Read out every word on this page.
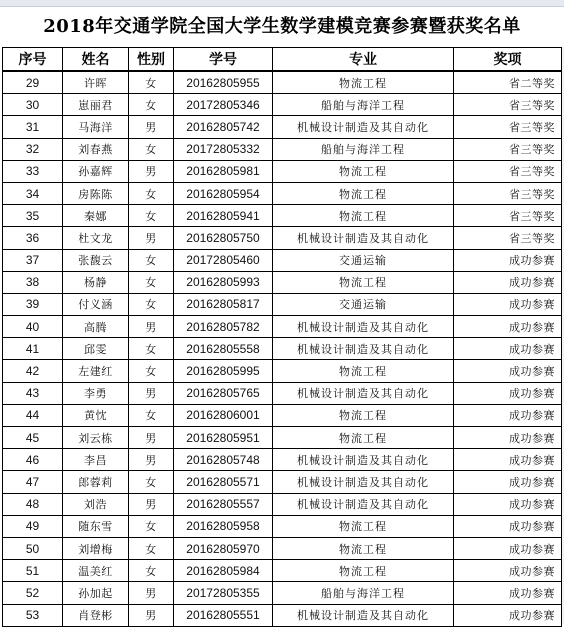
2018年交通学院全国大学生数学建模竞赛参赛暨获奖名单
序号	姓名	性别	学号	专业	奖项
29	许晖	女	20162805955	物流工程	省二等奖
30	崽丽君	女	20172805346	船舶与海洋工程	省三等奖
31	马海洋	男	20162805742	机械设计制造及其自动化	省三等奖
32	刘春燕	女	20172805332	船舶与海洋工程	省三等奖
33	孙嘉辉	男	20162805981	物流工程	省三等奖
34	房陈陈	女	20162805954	物流工程	省三等奖
35	秦娜	女	20162805941	物流工程	省三等奖
36	杜文龙	男	20162805750	机械设计制造及其自动化	省三等奖
37	张馥云	女	20172805460	交通运输	成功参赛
38	杨静	女	20162805993	物流工程	成功参赛
39	付义涵	女	20162805817	交通运输	成功参赛
40	高腾	男	20162805782	机械设计制造及其自动化	成功参赛
41	邱雯	女	20162805558	机械设计制造及其自动化	成功参赛
42	左建红	女	20162805995	物流工程	成功参赛
43	李勇	男	20162805765	机械设计制造及其自动化	成功参赛
44	黄忱	女	20162806001	物流工程	成功参赛
45	刘云栋	男	20162805951	物流工程	成功参赛
46	李昌	男	20162805748	机械设计制造及其自动化	成功参赛
47	郎蓉莉	女	20162805571	机械设计制造及其自动化	成功参赛
48	刘浩	男	20162805557	机械设计制造及其自动化	成功参赛
49	随东雪	女	20162805958	物流工程	成功参赛
50	刘增梅	女	20162805970	物流工程	成功参赛
51	温美红	女	20162805984	物流工程	成功参赛
52	孙加起	男	20172805355	船舶与海洋工程	成功参赛
53	肖登彬	男	20162805551	机械设计制造及其自动化	成功参赛
